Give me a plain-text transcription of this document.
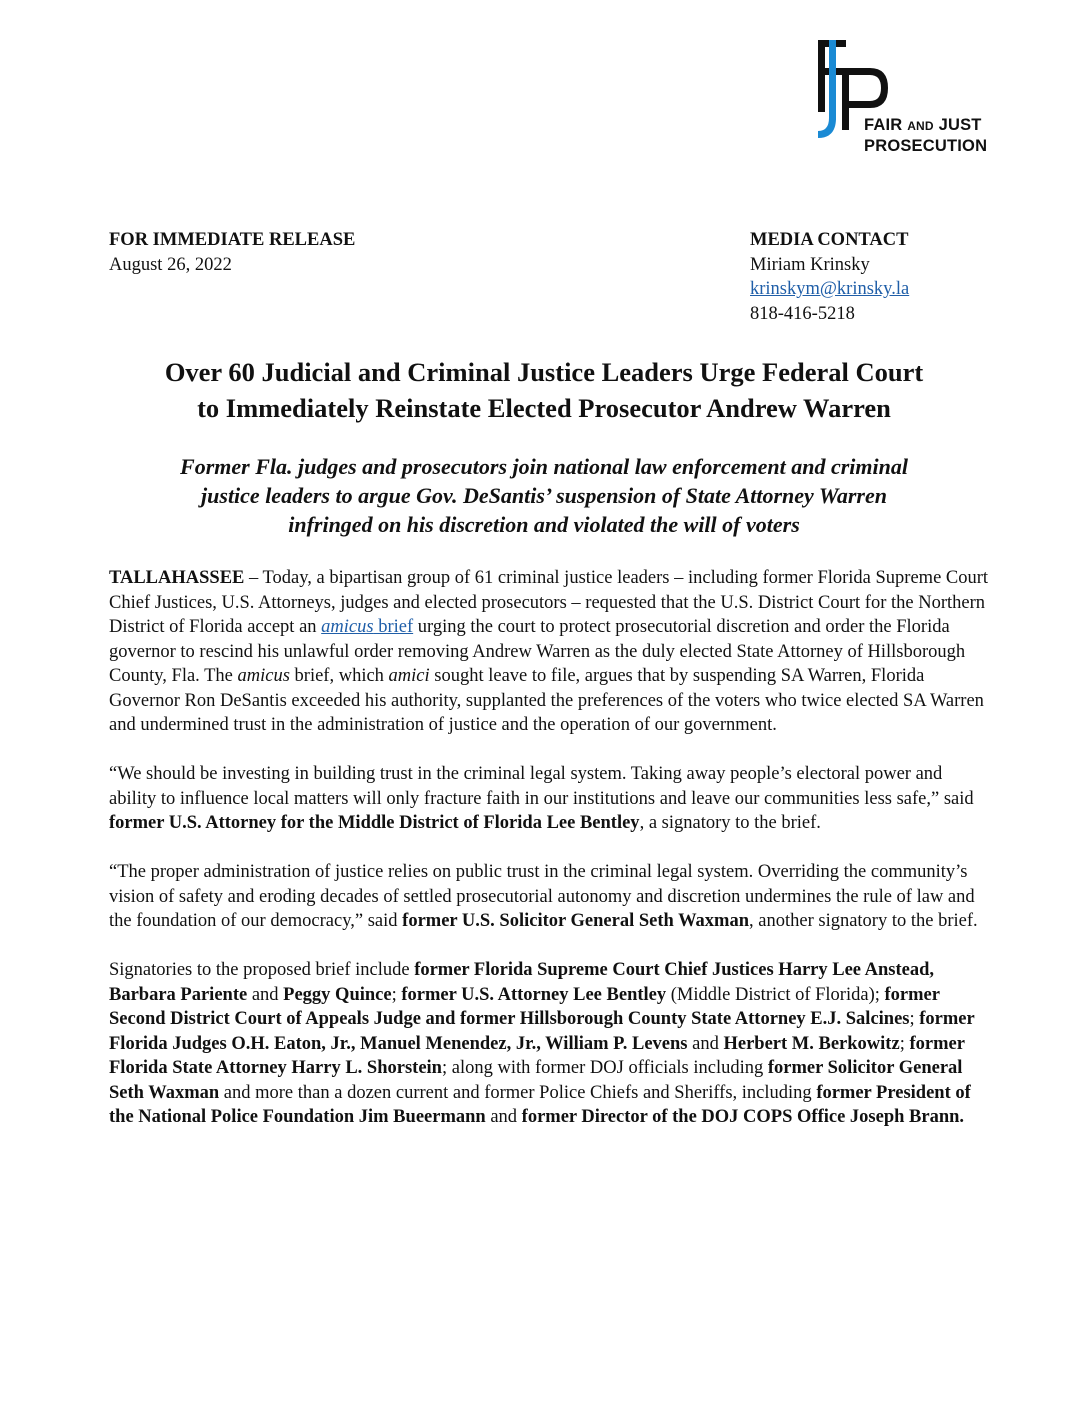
FAIR AND JUST
PROSECUTION
FOR IMMEDIATE RELEASE
August 26, 2022
MEDIA CONTACT
Miriam Krinsky
krinskym@krinsky.la
818-416-5218
Over 60 Judicial and Criminal Justice Leaders Urge Federal Court
to Immediately Reinstate Elected Prosecutor Andrew Warren
Former Fla. judges and prosecutors join national law enforcement and criminal
justice leaders to argue Gov. DeSantis’ suspension of State Attorney Warren
infringed on his discretion and violated the will of voters

TALLAHASSEE – Today, a bipartisan group of 61 criminal justice leaders – including former Florida Supreme Court Chief Justices, U.S. Attorneys, judges and elected prosecutors – requested that the U.S. District Court for the Northern District of Florida accept an amicus brief urging the court to protect prosecutorial discretion and order the Florida governor to rescind his unlawful order removing Andrew Warren as the duly elected State Attorney of Hillsborough County, Fla. The amicus brief, which amici sought leave to file, argues that by suspending SA Warren, Florida Governor Ron DeSantis exceeded his authority, supplanted the preferences of the voters who twice elected SA Warren and undermined trust in the administration of justice and the operation of our government.

“We should be investing in building trust in the criminal legal system. Taking away people’s electoral power and ability to influence local matters will only fracture faith in our institutions and leave our communities less safe,” said former U.S. Attorney for the Middle District of Florida Lee Bentley, a signatory to the brief.

“The proper administration of justice relies on public trust in the criminal legal system. Overriding the community’s vision of safety and eroding decades of settled prosecutorial autonomy and discretion undermines the rule of law and the foundation of our democracy,” said former U.S. Solicitor General Seth Waxman, another signatory to the brief.

Signatories to the proposed brief include former Florida Supreme Court Chief Justices Harry Lee Anstead, Barbara Pariente and Peggy Quince; former U.S. Attorney Lee Bentley (Middle District of Florida); former Second District Court of Appeals Judge and former Hillsborough County State Attorney E.J. Salcines; former Florida Judges O.H. Eaton, Jr., Manuel Menendez, Jr., William P. Levens and Herbert M. Berkowitz; former Florida State Attorney Harry L. Shorstein; along with former DOJ officials including former Solicitor General Seth Waxman and more than a dozen current and former Police Chiefs and Sheriffs, including former President of the National Police Foundation Jim Bueermann and former Director of the DOJ COPS Office Joseph Brann.
